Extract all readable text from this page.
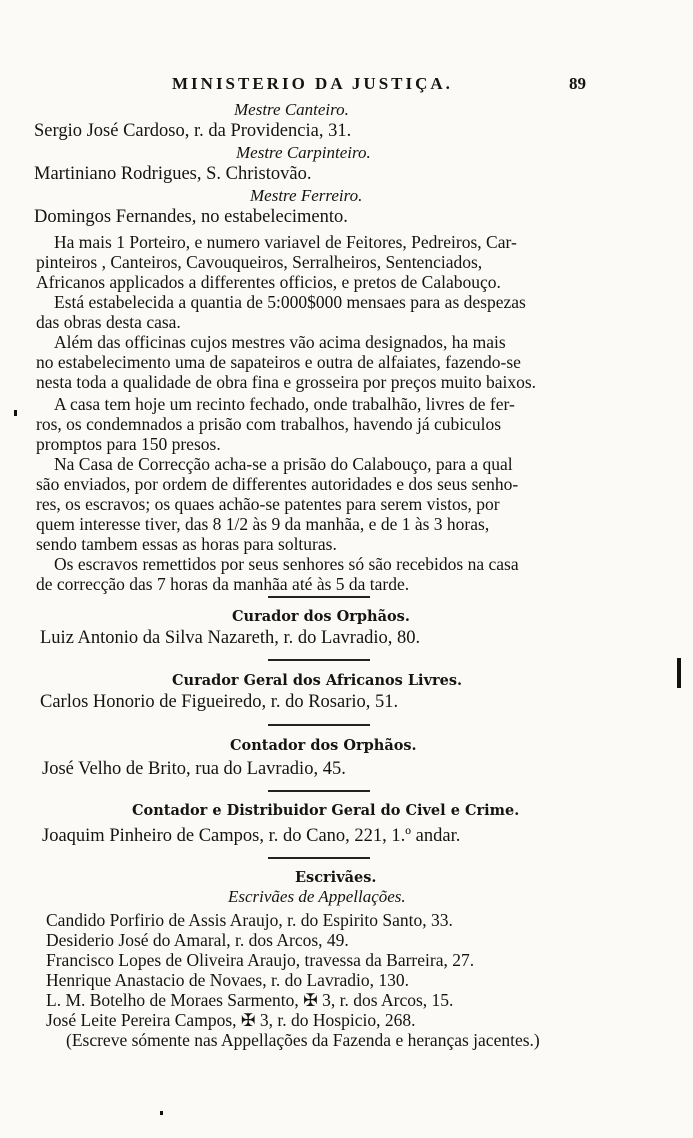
MINISTERIO DA JUSTIÇA.	89
Mestre Canteiro.
Sergio José Cardoso, r. da Providencia, 31.
Mestre Carpinteiro.
Martiniano Rodrigues, S. Christovão.
Mestre Ferreiro.
Domingos Fernandes, no estabelecimento.
Ha mais 1 Porteiro, e numero variavel de Feitores, Pedreiros, Car-
pinteiros , Canteiros, Cavouqueiros, Serralheiros, Sentenciados,
Africanos applicados a differentes officios, e pretos de Calabouço.
Está estabelecida a quantia de 5:000$000 mensaes para as despezas
das obras desta casa.
Além das officinas cujos mestres vão acima designados, ha mais
no estabelecimento uma de sapateiros e outra de alfaiates, fazendo-se
nesta toda a qualidade de obra fina e grosseira por preços muito baixos.
A casa tem hoje um recinto fechado, onde trabalhão, livres de fer-
ros, os condemnados a prisão com trabalhos, havendo já cubiculos
promptos para 150 presos.
Na Casa de Correcção acha-se a prisão do Calabouço, para a qual
são enviados, por ordem de differentes autoridades e dos seus senho-
res, os escravos; os quaes achão-se patentes para serem vistos, por
quem interesse tiver, das 8 1/2 às 9 da manhãa, e de 1 às 3 horas,
sendo tambem essas as horas para solturas.
Os escravos remettidos por seus senhores só são recebidos na casa
de correcção das 7 horas da manhãa até às 5 da tarde.
Curador dos Orphãos.
Luiz Antonio da Silva Nazareth, r. do Lavradio, 80.
Curador Geral dos Africanos Livres.
Carlos Honorio de Figueiredo, r. do Rosario, 51.
Contador dos Orphãos.
José Velho de Brito, rua do Lavradio, 45.
Contador e Distribuidor Geral do Civel e Crime.
Joaquim Pinheiro de Campos, r. do Cano, 221, 1.º andar.
Escrivães.
Escrivães de Appellações.
Candido Porfirio de Assis Araujo, r. do Espirito Santo, 33.
Desiderio José do Amaral, r. dos Arcos, 49.
Francisco Lopes de Oliveira Araujo, travessa da Barreira, 27.
Henrique Anastacio de Novaes, r. do Lavradio, 130.
L. M. Botelho de Moraes Sarmento, ✠ 3, r. dos Arcos, 15.
José Leite Pereira Campos, ✠ 3, r. do Hospicio, 268.
(Escreve sómente nas Appellações da Fazenda e heranças jacentes.)
